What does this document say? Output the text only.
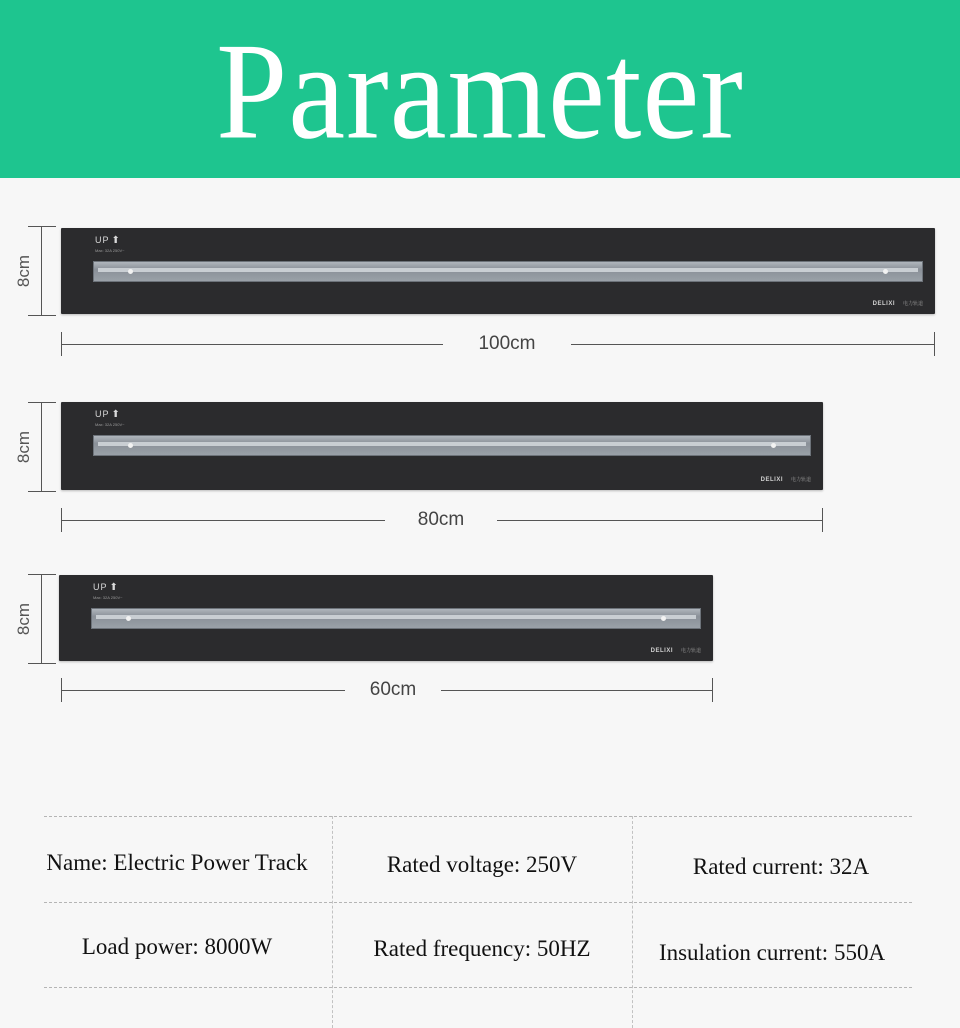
Parameter
8cm
UP ⬆
Max: 32A 250V~
DELIXI 电力轨道
100cm
8cm
UP ⬆
Max: 32A 250V~
DELIXI 电力轨道
80cm
8cm
UP ⬆
Max: 32A 250V~
DELIXI 电力轨道
60cm
Name: Electric Power Track	Rated voltage: 250V	Rated current: 32A
Load power: 8000W	Rated frequency: 50HZ	Insulation current: 550A
